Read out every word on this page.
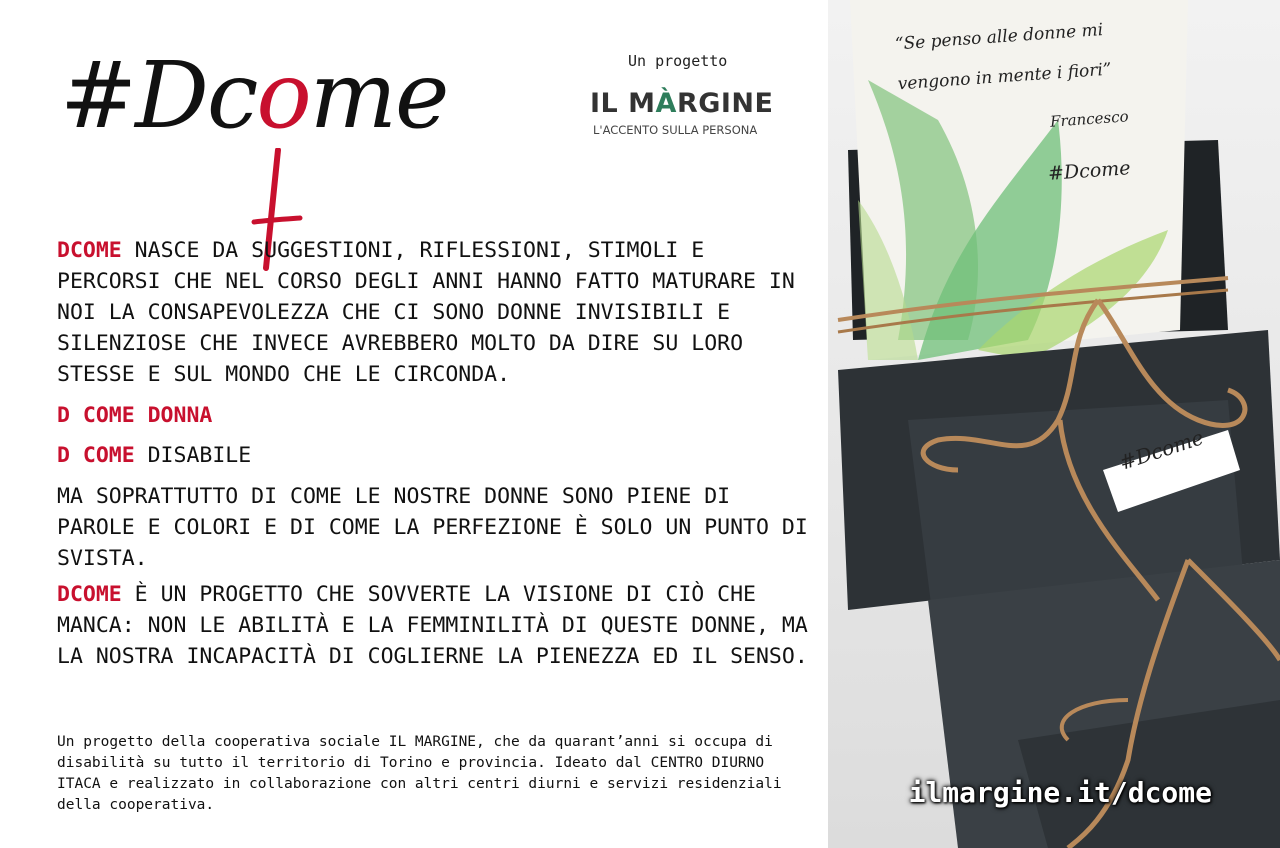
#Dcome	Un progetto
IL MÀRGINE
L'ACCENTO SULLA PERSONA

DCOME NASCE DA SUGGESTIONI, RIFLESSIONI, STIMOLI E PERCORSI CHE NEL CORSO DEGLI ANNI HANNO FATTO MATURARE IN NOI LA CONSAPEVOLEZZA CHE CI SONO DONNE INVISIBILI E SILENZIOSE CHE INVECE AVREBBERO MOLTO DA DIRE SU LORO STESSE E SUL MONDO CHE LE CIRCONDA.

D COME DONNA

D COME DISABILE

MA SOPRATTUTTO DI COME LE NOSTRE DONNE SONO PIENE DI PAROLE E COLORI E DI COME LA PERFEZIONE È SOLO UN PUNTO DI SVISTA.

DCOME È UN PROGETTO CHE SOVVERTE LA VISIONE DI CIÒ CHE MANCA: NON LE ABILITÀ E LA FEMMINILITÀ DI QUESTE DONNE, MA LA NOSTRA INCAPACITÀ DI COGLIERNE LA PIENEZZA ED IL SENSO.

Un progetto della cooperativa sociale IL MARGINE, che da quarant’anni si occupa di disabilità su tutto il territorio di Torino e provincia. Ideato dal CENTRO DIURNO ITACA e realizzato in collaborazione con altri centri diurni e servizi residenziali della cooperativa.
“Se penso alle donne mi
vengono in mente i fiori”
Francesco
#Dcome
#Dcome
ilmargine.it/dcome
